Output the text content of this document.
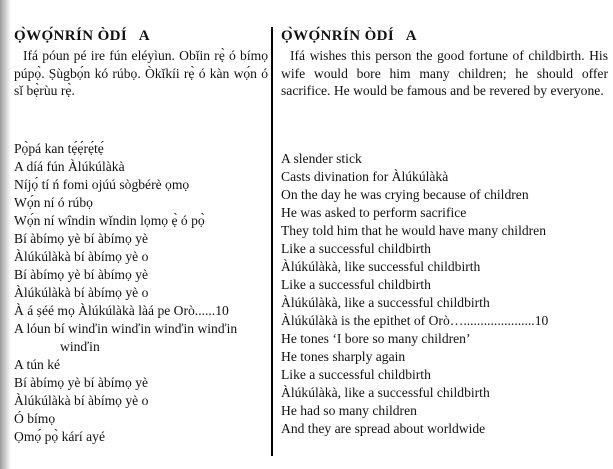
Ọ̀WỌ́NRÍN ÒDÍ   A

Ifá póun pé ire fún eléyìun. Obǐin rẹ̀ ó bímọ púpọ̀. Ṣùgbọ́n kó rúbọ. Òkǐkíi rẹ̀ ó kàn wọ́n ó sǐ bẹ̀rùu rẹ̀.

Pọ̀pá kan tẹ́ẹ́rẹ́tẹ́
A díá fún Àlúkúlàkà
Níjọ́ tí ń fomi ojúú sògbérè ọmọ
Wọ́n ní ó rúbọ
Wọ́n ní wîndin wǐndin lọmọ ẹ̀ ó pọ̀
Bí àbímọ yè bí àbímọ yè
Àlúkúlàkà bí àbímọ yè o
Bí àbímọ yè bí àbímọ yè
Àlúkúlàkà bí àbímọ yè o
À á ṣéé mọ Àlúkúlàkà làá pe Orò......10
A lóun bí winďin winďin winďin winďin
winďin
A tún ké
Bí àbímọ yè bí àbímọ yè
Àlúkúlàkà bí àbímọ yè o
Ó bímọ
Ọmọ́ pọ̀ kárí ayé
Ọ̀WỌ́NRÍN ÒDÍ   A

Ifá wishes this person the good fortune of childbirth. His wife would bore him many children; he should offer sacrifice. He would be famous and be revered by everyone.

A slender stick
Casts divination for Àlúkúlàkà
On the day he was crying because of children
He was asked to perform sacrifice
They told him that he would have many children
Like a successful childbirth
Àlúkúlàkà, like successful childbirth
Like a successful childbirth
Àlúkúlàkà, like a successful childbirth
Àlúkúlàkà is the epithet of Orò….....................10
He tones ‘I bore so many children’
He tones sharply again
Like a successful childbirth
Àlúkúlàkà, like a successful childbirth
He had so many children
And they are spread about worldwide
